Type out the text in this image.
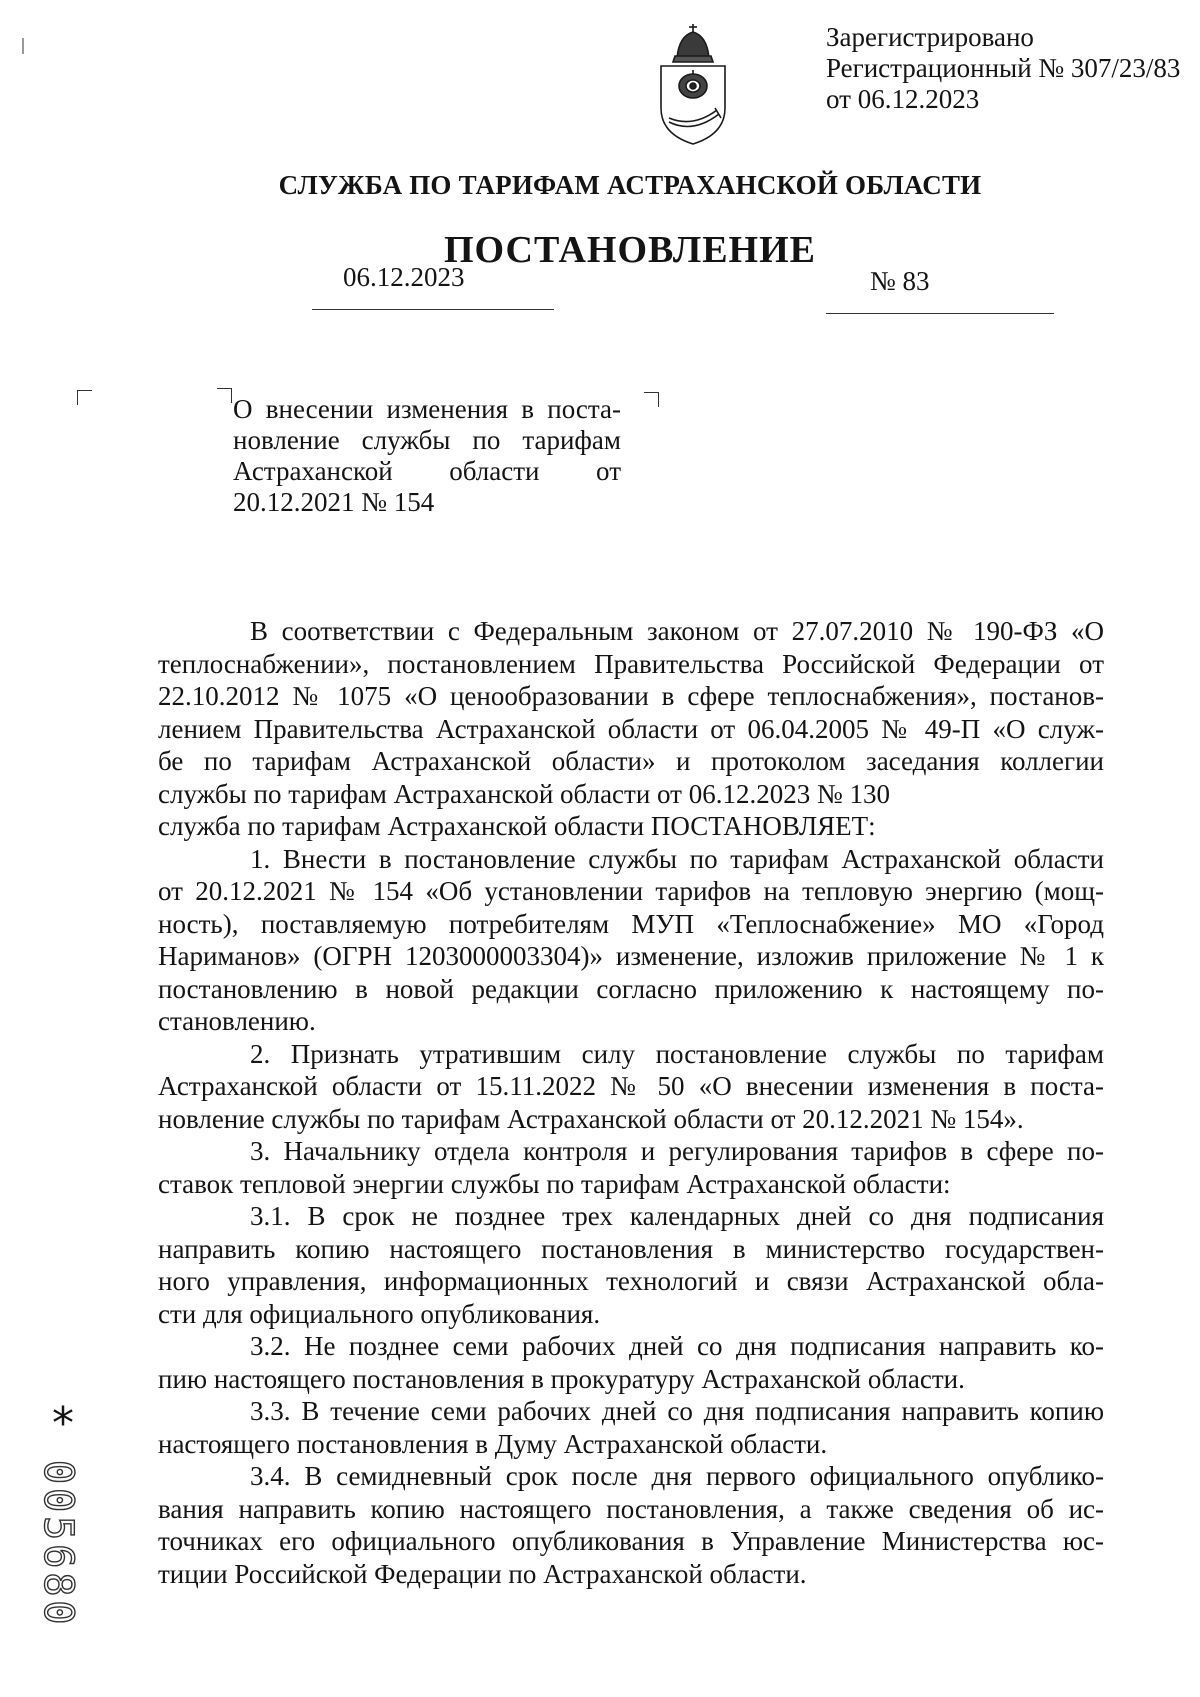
Зарегистрировано
Регистрационный № 307/23/83
от 06.12.2023
СЛУЖБА ПО ТАРИФАМ АСТРАХАНСКОЙ ОБЛАСТИ
ПОСТАНОВЛЕНИЕ
06.12.2023	№ 83
О внесении изменения в поста-
новление службы по тарифам
Астраханской области от
20.12.2021 № 154
В соответствии с Федеральным законом от 27.07.2010 № 190-ФЗ «О
теплоснабжении», постановлением Правительства Российской Федерации от
22.10.2012 № 1075 «О ценообразовании в сфере теплоснабжения», постанов-
лением Правительства Астраханской области от 06.04.2005 № 49-П «О служ-
бе по тарифам Астраханской области» и протоколом заседания коллегии
службы по тарифам Астраханской области от 06.12.2023 № 130
служба по тарифам Астраханской области ПОСТАНОВЛЯЕТ:
1. Внести в постановление службы по тарифам Астраханской области
от 20.12.2021 № 154 «Об установлении тарифов на тепловую энергию (мощ-
ность), поставляемую потребителям МУП «Теплоснабжение» МО «Город
Нариманов» (ОГРН 1203000003304)» изменение, изложив приложение № 1 к
постановлению в новой редакции согласно приложению к настоящему по-
становлению.
2. Признать утратившим силу постановление службы по тарифам
Астраханской области от 15.11.2022 № 50 «О внесении изменения в поста-
новление службы по тарифам Астраханской области от 20.12.2021 № 154».
3. Начальнику отдела контроля и регулирования тарифов в сфере по-
ставок тепловой энергии службы по тарифам Астраханской области:
3.1. В срок не позднее трех календарных дней со дня подписания
направить копию настоящего постановления в министерство государствен-
ного управления, информационных технологий и связи Астраханской обла-
сти для официального опубликования.
3.2. Не позднее семи рабочих дней со дня подписания направить ко-
пию настоящего постановления в прокуратуру Астраханской области.
3.3. В течение семи рабочих дней со дня подписания направить копию
настоящего постановления в Думу Астраханской области.
3.4. В семидневный срок после дня первого официального опублико-
вания направить копию настоящего постановления, а также сведения об ис-
точниках его официального опубликования в Управление Министерства юс-
тиции Российской Федерации по Астраханской области.
*
005680
